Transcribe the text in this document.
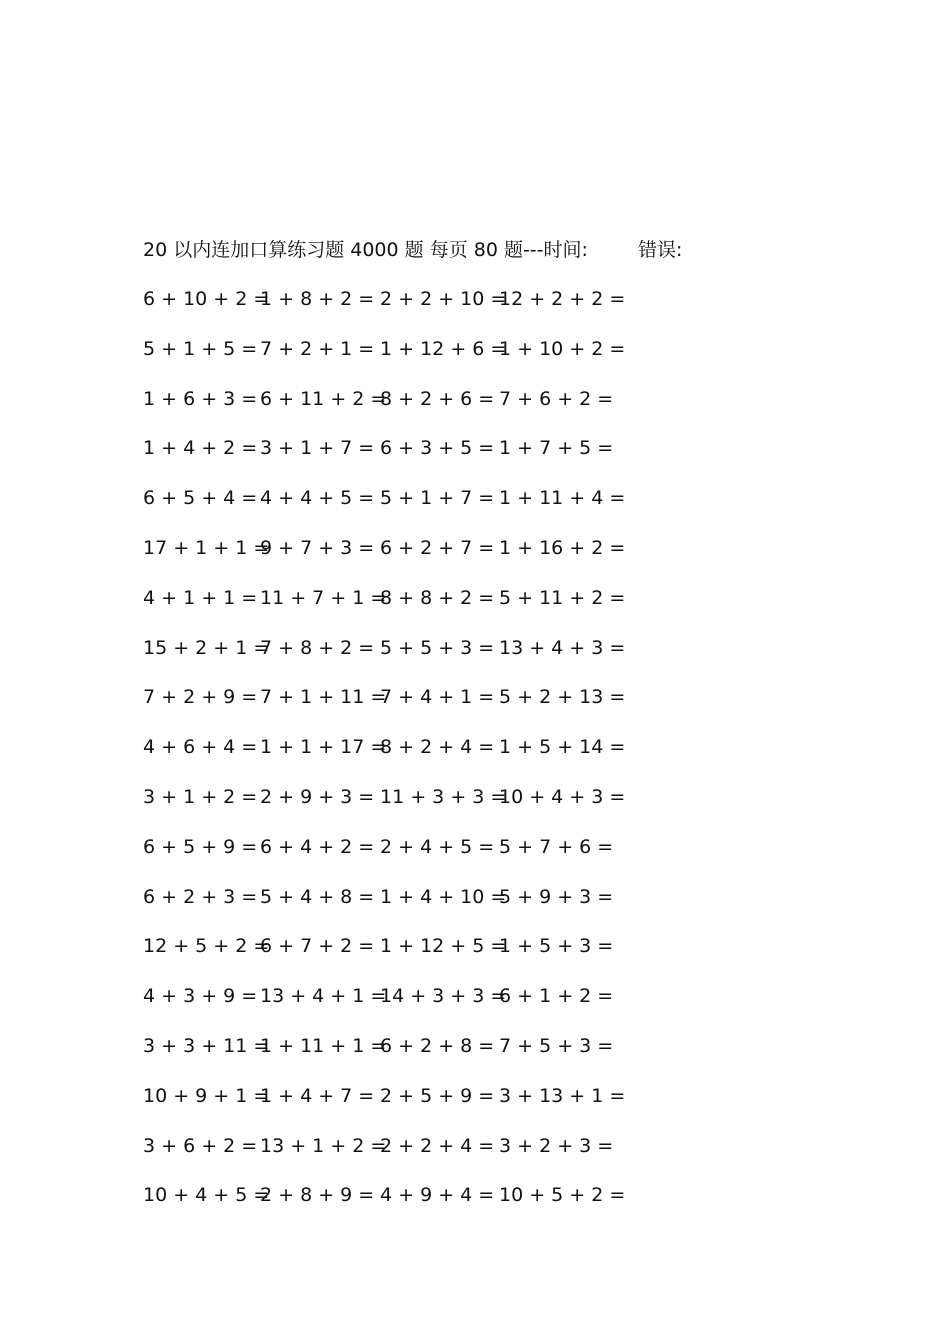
20 以内连加口算练习题 4000 题 每页 80 题---时间:	错误:
6 + 10 + 2 =
1 + 8 + 2 = 2 + 2 + 10 =
12 + 2 + 2 =
5 + 1 + 5 = 7 + 2 + 1 = 1 + 12 + 6 =
1 + 10 + 2 =
1 + 6 + 3 = 6 + 11 + 2 =
8 + 2 + 6 = 7 + 6 + 2 =
1 + 4 + 2 = 3 + 1 + 7 = 6 + 3 + 5 = 1 + 7 + 5 =
6 + 5 + 4 = 4 + 4 + 5 = 5 + 1 + 7 = 1 + 11 + 4 =
17 + 1 + 1 =
9 + 7 + 3 = 6 + 2 + 7 = 1 + 16 + 2 =
4 + 1 + 1 = 11 + 7 + 1 =
8 + 8 + 2 = 5 + 11 + 2 =
15 + 2 + 1 =
7 + 8 + 2 = 5 + 5 + 3 = 13 + 4 + 3 =
7 + 2 + 9 = 7 + 1 + 11 =
7 + 4 + 1 = 5 + 2 + 13 =
4 + 6 + 4 = 1 + 1 + 17 =
8 + 2 + 4 = 1 + 5 + 14 =
3 + 1 + 2 = 2 + 9 + 3 = 11 + 3 + 3 =
10 + 4 + 3 =
6 + 5 + 9 = 6 + 4 + 2 = 2 + 4 + 5 = 5 + 7 + 6 =
6 + 2 + 3 = 5 + 4 + 8 = 1 + 4 + 10 =
5 + 9 + 3 =
12 + 5 + 2 =
6 + 7 + 2 = 1 + 12 + 5 =
1 + 5 + 3 =
4 + 3 + 9 = 13 + 4 + 1 =
14 + 3 + 3 =
6 + 1 + 2 =
3 + 3 + 11 =
1 + 11 + 1 =
6 + 2 + 8 = 7 + 5 + 3 =
10 + 9 + 1 =
1 + 4 + 7 = 2 + 5 + 9 = 3 + 13 + 1 =
3 + 6 + 2 = 13 + 1 + 2 =
2 + 2 + 4 = 3 + 2 + 3 =
10 + 4 + 5 =
2 + 8 + 9 = 4 + 9 + 4 = 10 + 5 + 2 =
